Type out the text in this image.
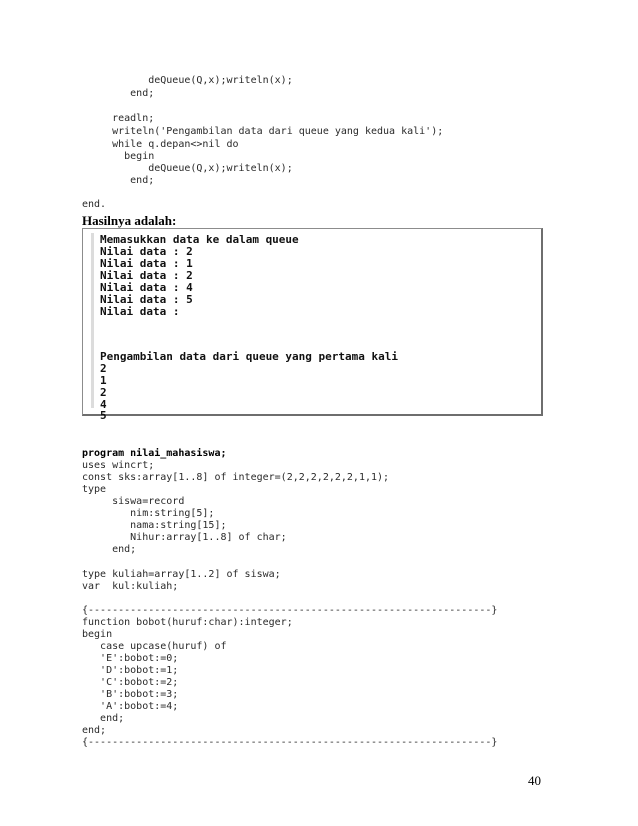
deQueue(Q,x);writeln(x);
end;
readln;
writeln('Pengambilan data dari queue yang kedua kali');
while q.depan<>nil do
begin
deQueue(Q,x);writeln(x);
end;
end.
Hasilnya adalah:
Memasukkan data ke dalam queue
Nilai data : 2
Nilai data : 1
Nilai data : 2
Nilai data : 4
Nilai data : 5
Nilai data :
Pengambilan data dari queue yang pertama kali
2
1
2
4
5
program nilai_mahasiswa;
uses wincrt;
const sks:array[1..8] of integer=(2,2,2,2,2,2,1,1);
type
siswa=record
nim:string[5];
nama:string[15];
Nihur:array[1..8] of char;
end;
type kuliah=array[1..2] of siswa;
var  kul:kuliah;
{-------------------------------------------------------------------}
function bobot(huruf:char):integer;
begin
case upcase(huruf) of
'E':bobot:=0;
'D':bobot:=1;
'C':bobot:=2;
'B':bobot:=3;
'A':bobot:=4;
end;
end;
{-------------------------------------------------------------------}
40
